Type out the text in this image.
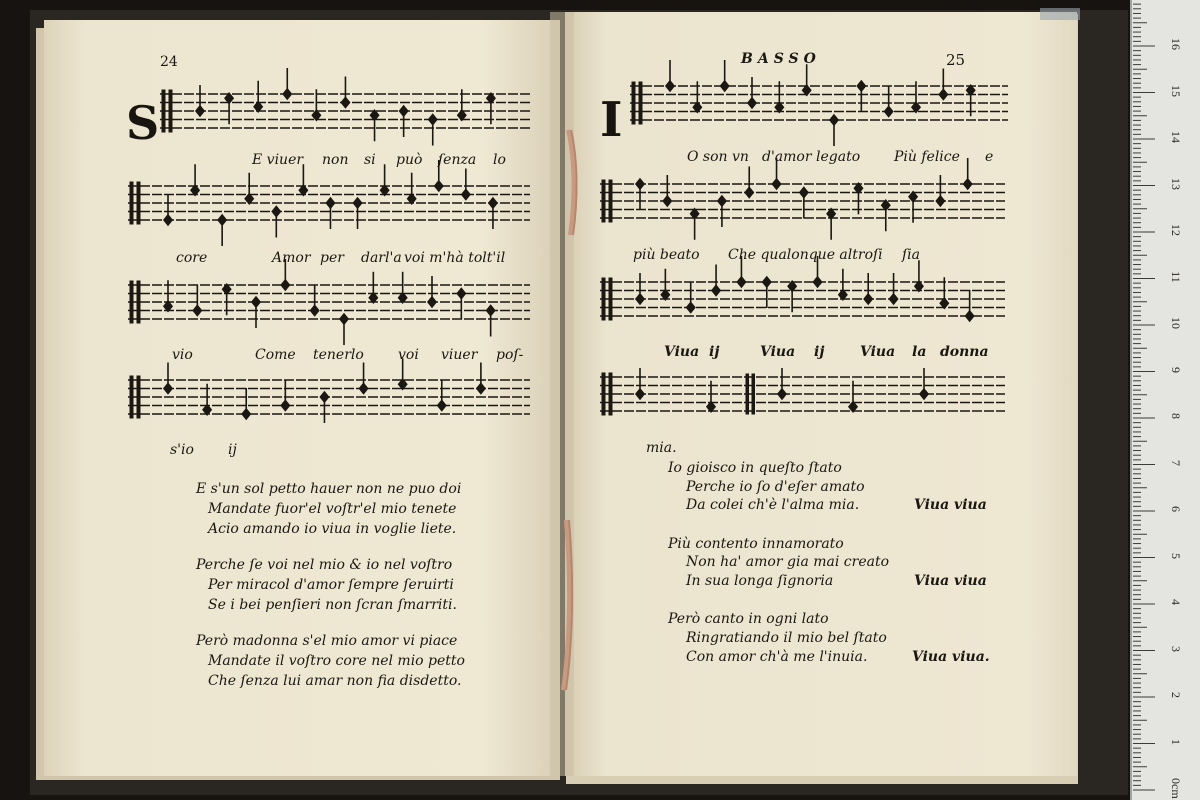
24
S
BASSO	25
I
E viuer non si può ſenza lo
core	Amor per darl'a voi m'hà tolt'il
vio	Come tenerlo voi viuer poſ-
s'io ij
E s'un sol petto hauer non ne puo doi
Mandate fuor'el voſtr'el mio tenete
Acio amando io viua in voglie liete.
Perche ſe voi nel mio & io nel voſtro
Per miracol d'amor ſempre ſeruirti
Se i bei penſieri non ſcran ſmarriti.
Però madonna s'el mio amor vi piace
Mandate il voſtro core nel mio petto
Che ſenza lui amar non fia disdetto.
O son vn d'amor legato Più felice e
più beato Che qualonque altro ſi ſia
Viua ij	Viua ij	Viua la donna
mia.
Io gioisco in queſto ſtato
Perche io ſo d'eſer amato
Da colei ch'è l'alma mia.	Viua viua
Più contento innamorato
Non ha' amor gia mai creato
In sua longa ſignoria	Viua viua
Però canto in ogni lato
Ringratiando il mio bel ſtato
Con amor ch'à me l'inuia.	Viua viua.
0cm
1
2
3
4
5
6
7
8
9
10
11
12
13
14
15
16
